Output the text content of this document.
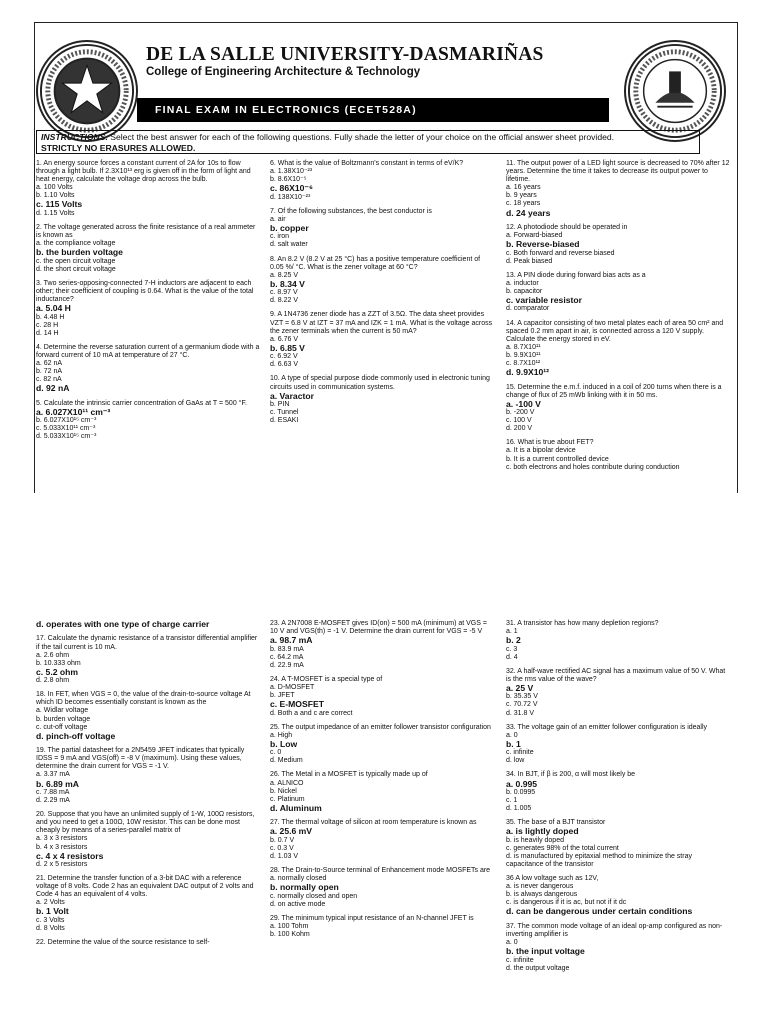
DE LA SALLE UNIVERSITY-DASMARIÑAS
College of Engineering Architecture & Technology
FINAL EXAM IN ELECTRONICS (ECET528A)
INSTRUCTIONS. Select the best answer for each of the following questions. Fully shade the letter of your choice on the official answer sheet provided.
STRICTLY NO ERASURES ALLOWED.

1. An energy source forces a constant current of 2A for 10s to flow through a light bulb. If 2.3X10¹³ erg is given off in the form of light and heat energy, calculate the voltage drop across the bulb.

a. 100 Volts

b. 1.10 Volts

c. 115 Volts

d. 1.15 Volts

2. The voltage generated across the finite resistance of a real ammeter is known as

a. the compliance voltage

b. the burden voltage

c. the open circuit voltage

d. the short circuit voltage

3. Two series-opposing-connected 7-H inductors are adjacent to each other; their coefficient of coupling is 0.64. What is the value of the total inductance?

a. 5.04 H

b. 4.48 H

c. 28 H

d. 14 H

4. Determine the reverse saturation current of a germanium diode with a forward current of 10 mA at temperature of 27 °C.

a. 62 nA

b. 72 nA

c. 82 nA

d. 92 nA

5. Calculate the intrinsic carrier concentration of GaAs at T = 500 °F.

a. 6.027X10¹¹ cm⁻³

b. 6.027X10¹⁵ cm⁻³

c. 5.033X10¹¹ cm⁻³

d. 5.033X10¹⁵ cm⁻³

6. What is the value of Boltzmann's constant in terms of eV/K?

a. 1.38X10⁻²³

b. 8.6X10⁻⁵

c. 86X10⁻⁶

d. 138X10⁻²³

7. Of the following substances, the best conductor is

a. air

b. copper

c. iron

d. salt water

8. An 8.2 V (8.2 V at 25 °C) has a positive temperature coefficient of 0.05 %/ °C. What is the zener voltage at 60 °C?

a. 8.25 V

b. 8.34 V

c. 8.97 V

d. 8.22 V

9. A 1N4736 zener diode has a ZZT of 3.5Ω. The data sheet provides VZT = 6.8 V at IZT = 37 mA and IZK = 1 mA. What is the voltage across the zener terminals when the current is 50 mA?

a. 6.76 V

b. 6.85 V

c. 6.92 V

d. 6.63 V

10. A type of special purpose diode commonly used in electronic tuning circuits used in communication systems.

a. Varactor

b. PIN

c. Tunnel

d. ESAKI

11. The output power of a LED light source is decreased to 70% after 12 years. Determine the time it takes to decrease its output power to lifetime.

a. 16 years

b. 9 years

c. 18 years

d. 24 years

12. A photodiode should be operated in

a. Forward-biased

b. Reverse-biased

c. Both forward and reverse biased

d. Peak biased

13. A PIN diode during forward bias acts as a

a. inductor

b. capacitor

c. variable resistor

d. comparator

14. A capacitor consisting of two metal plates each of area 50 cm² and spaced 0.2 mm apart in air, is connected across a 120 V supply. Calculate the energy stored in eV.

a. 8.7X10¹¹

b. 9.9X10¹¹

c. 8.7X10¹²

d. 9.9X10¹²

15. Determine the e.m.f. induced in a coil of 200 turns when there is a change of flux of 25 mWb linking with it in 50 ms.

a. -100 V

b. -200 V

c. 100 V

d. 200 V

16. What is true about FET?

a. It is a bipolar device

b. It is a current controlled device

c. both electrons and holes contribute during conduction

d. operates with one type of charge carrier

17. Calculate the dynamic resistance of a transistor differential amplifier if the tail current is 10 mA.

a. 2.6 ohm

b. 10.333 ohm

c. 5.2 ohm

d. 2.8 ohm

18. In FET, when VGS = 0, the value of the drain-to-source voltage At which ID becomes essentially constant is known as the

a. Widlar voltage

b. burden voltage

c. cut-off voltage

d. pinch-off voltage

19. The partial datasheet for a 2N5459 JFET indicates that typically IDSS = 9 mA and VGS(off) = -8 V (maximum). Using these values, determine the drain current for VGS = -1 V.

a. 3.37 mA

b. 6.89 mA

c. 7.88 mA

d. 2.29 mA

20. Suppose that you have an unlimited supply of 1-W, 100Ω resistors, and you need to get a 100Ω, 10W resistor. This can be done most cheaply by means of a series-parallel matrix of

a. 3 x 3 resistors

b. 4 x 3 resistors

c. 4 x 4 resistors

d. 2 x 5 resistors

21. Determine the transfer function of a 3-bit DAC with a reference voltage of 8 volts. Code 2 has an equivalent DAC output of 2 volts and Code 4 has an equivalent of 4 volts.

a. 2 Volts

b. 1 Volt

c. 3 Volts

d. 8 Volts

22. Determine the value of the source resistance to self-

23. A 2N7008 E-MOSFET gives ID(on) = 500 mA (minimum) at VGS = 10 V and VGS(th) = -1 V. Determine the drain current for VGS = -5 V

a. 98.7 mA

b. 83.9 mA

c. 64.2 mA

d. 22.9 mA

24. A T-MOSFET is a special type of

a. D-MOSFET

b. JFET

c. E-MOSFET

d. Both a and c are correct

25. The output impedance of an emitter follower transistor configuration

a. High

b. Low

c. 0

d. Medium

26. The Metal in a MOSFET is typically made up of

a. ALNICO

b. Nickel

c. Platinum

d. Aluminum

27. The thermal voltage of silicon at room temperature is known as

a. 25.6 mV

b. 0.7 V

c. 0.3 V

d. 1.03 V

28. The Drain-to-Source terminal of Enhancement mode MOSFETs are

a. normally closed

b. normally open

c. normally closed and open

d. on active mode

29. The minimum typical input resistance of an N-channel JFET is

a. 100 Tohm

b. 100 Kohm

31. A transistor has how many depletion regions?

a. 1

b. 2

c. 3

d. 4

32. A half-wave rectified AC signal has a maximum value of 50 V. What is the rms value of the wave?

a. 25 V

b. 35.35 V

c. 70.72 V

d. 31.8 V

33. The voltage gain of an emitter follower configuration is ideally

a. 0

b. 1

c. infinite

d. low

34. In BJT, if β is 200, α will most likely be

a. 0.995

b. 0.0995

c. 1

d. 1.005

35. The base of a BJT transistor

a. is lightly doped

b. is heavily doped

c. generates 98% of the total current

d. is manufactured by epitaxial method to minimize the stray capacitance of the transistor

36 A low voltage such as 12V,

a. is never dangerous

b. is always dangerous

c. is dangerous if it is ac, but not if it dc

d. can be dangerous under certain conditions

37. The common mode voltage of an ideal op-amp configured as non-inverting amplifier is

a. 0

b. the input voltage

c. infinite

d. the output voltage
